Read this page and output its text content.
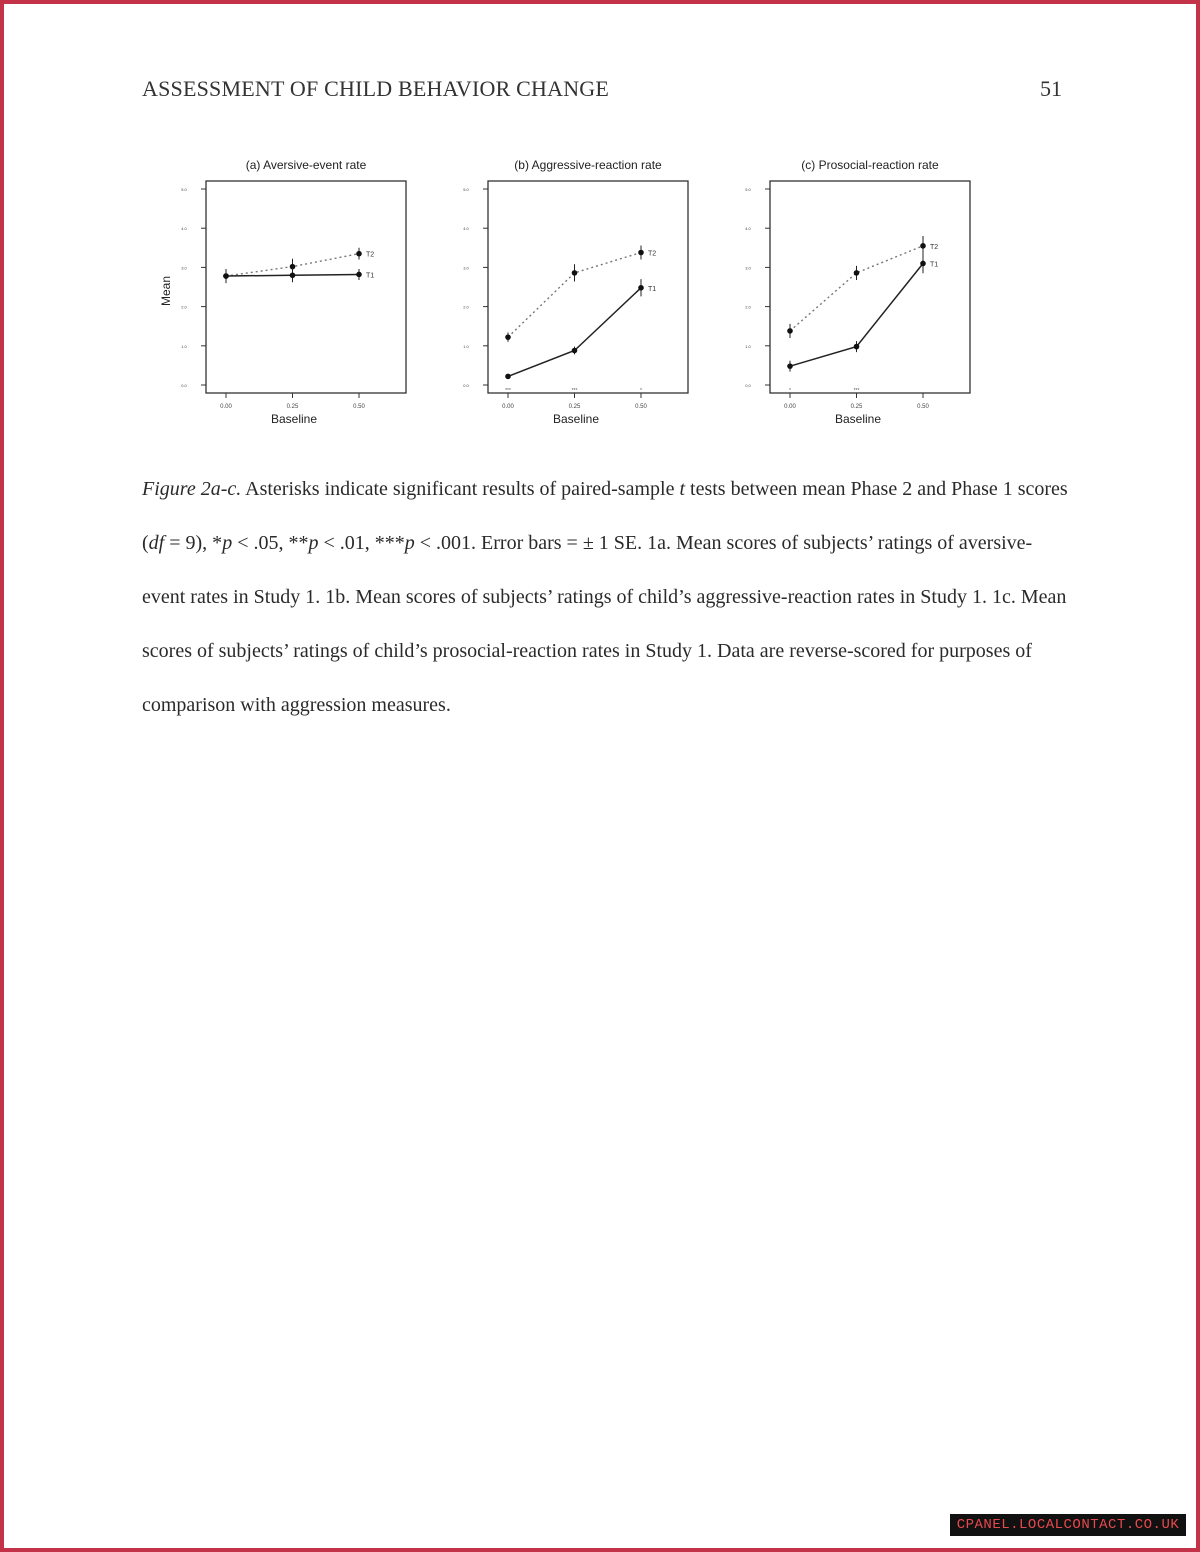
ASSESSMENT OF CHILD BEHAVIOR CHANGE	51
(a) Aversive-event rate
0.0
1.0
2.0
3.0
4.0
5.0
0.00	0.25	0.50
Baseline
Mean
T2
T1
(b) Aggressive-reaction rate
0.0
1.0
2.0
3.0
4.0
5.0
0.00
***
0.25
***
0.50
*
Baseline
T2
T1
(c) Prosocial-reaction rate
0.0
1.0
2.0
3.0
4.0
5.0
0.00
*
0.25
***
0.50
Baseline
T2
T1

Figure 2a-c. Asterisks indicate significant results of paired-sample t tests between mean Phase 2 and Phase 1 scores (df = 9), *p < .05, **p < .01, ***p < .001. Error bars = ± 1 SE. 1a. Mean scores of subjects’ ratings of aversive-event rates in Study 1. 1b. Mean scores of subjects’ ratings of child’s aggressive-reaction rates in Study 1. 1c. Mean scores of subjects’ ratings of child’s prosocial-reaction rates in Study 1. Data are reverse-scored for purposes of comparison with aggression measures.

CPANEL.LOCALCONTACT.CO.UK
